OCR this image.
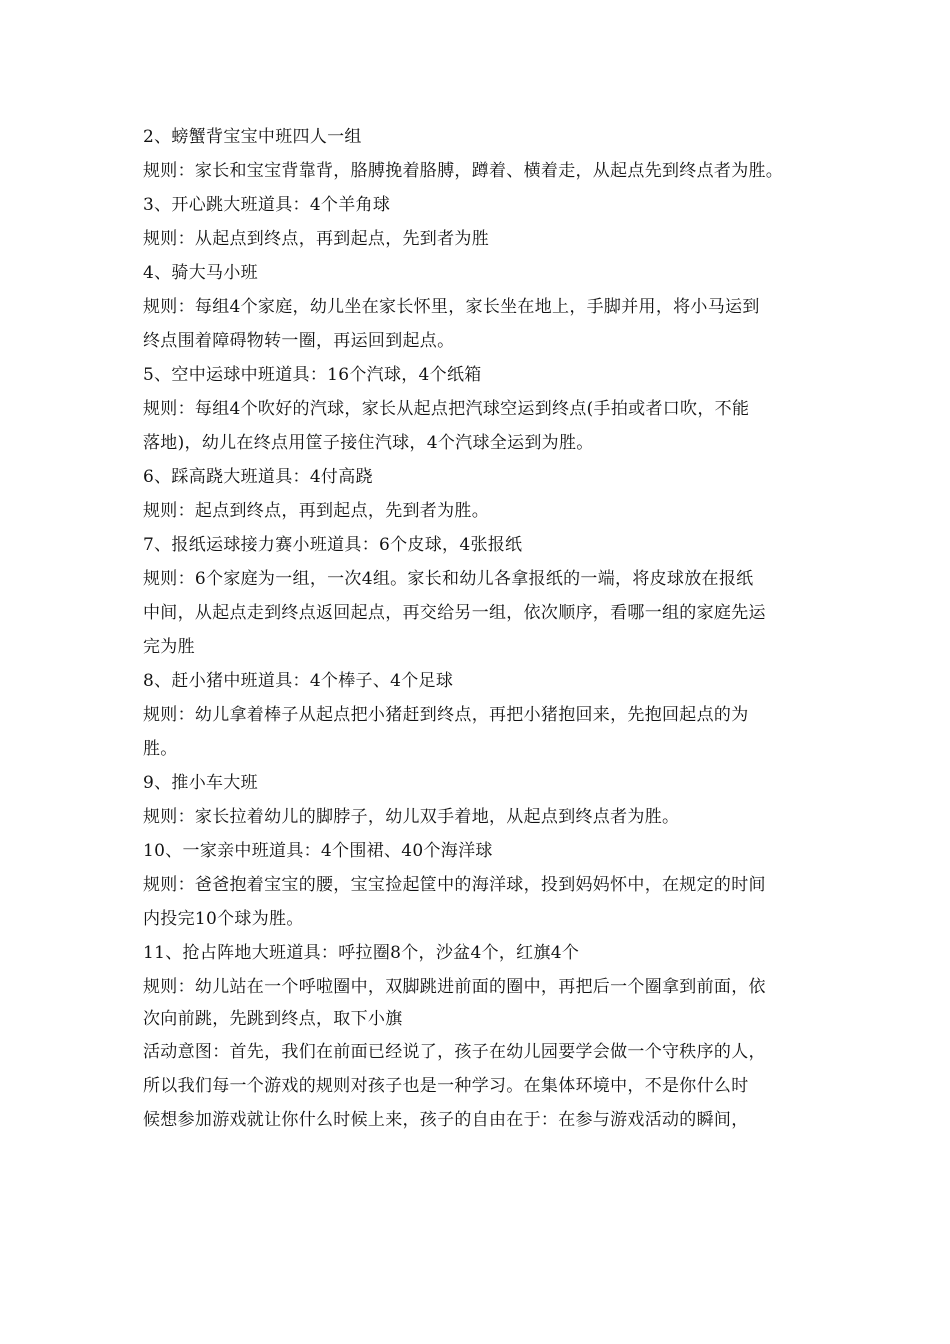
2、螃蟹背宝宝中班四人一组
规则：家长和宝宝背靠背，胳膊挽着胳膊，蹲着、横着走，从起点先到终点者为胜。
3、开心跳大班道具：4个羊角球
规则：从起点到终点，再到起点，先到者为胜
4、骑大马小班
规则：每组4个家庭，幼儿坐在家长怀里，家长坐在地上，手脚并用，将小马运到
终点围着障碍物转一圈，再运回到起点。
5、空中运球中班道具：16个汽球，4个纸箱
规则：每组4个吹好的汽球，家长从起点把汽球空运到终点(手拍或者口吹，不能
落地)，幼儿在终点用筐子接住汽球，4个汽球全运到为胜。
6、踩高跷大班道具：4付高跷
规则：起点到终点，再到起点，先到者为胜。
7、报纸运球接力赛小班道具：6个皮球，4张报纸
规则：6个家庭为一组，一次4组。家长和幼儿各拿报纸的一端，将皮球放在报纸
中间，从起点走到终点返回起点，再交给另一组，依次顺序，看哪一组的家庭先运
完为胜
8、赶小猪中班道具：4个棒子、4个足球
规则：幼儿拿着棒子从起点把小猪赶到终点，再把小猪抱回来，先抱回起点的为
胜。
9、推小车大班
规则：家长拉着幼儿的脚脖子，幼儿双手着地，从起点到终点者为胜。
10、一家亲中班道具：4个围裙、40个海洋球
规则：爸爸抱着宝宝的腰，宝宝捡起筐中的海洋球，投到妈妈怀中，在规定的时间
内投完10个球为胜。
11、抢占阵地大班道具：呼拉圈8个，沙盆4个，红旗4个
规则：幼儿站在一个呼啦圈中，双脚跳进前面的圈中，再把后一个圈拿到前面，依
次向前跳，先跳到终点，取下小旗
活动意图：首先，我们在前面已经说了，孩子在幼儿园要学会做一个守秩序的人，
所以我们每一个游戏的规则对孩子也是一种学习。在集体环境中，不是你什么时
候想参加游戏就让你什么时候上来，孩子的自由在于：在参与游戏活动的瞬间，
